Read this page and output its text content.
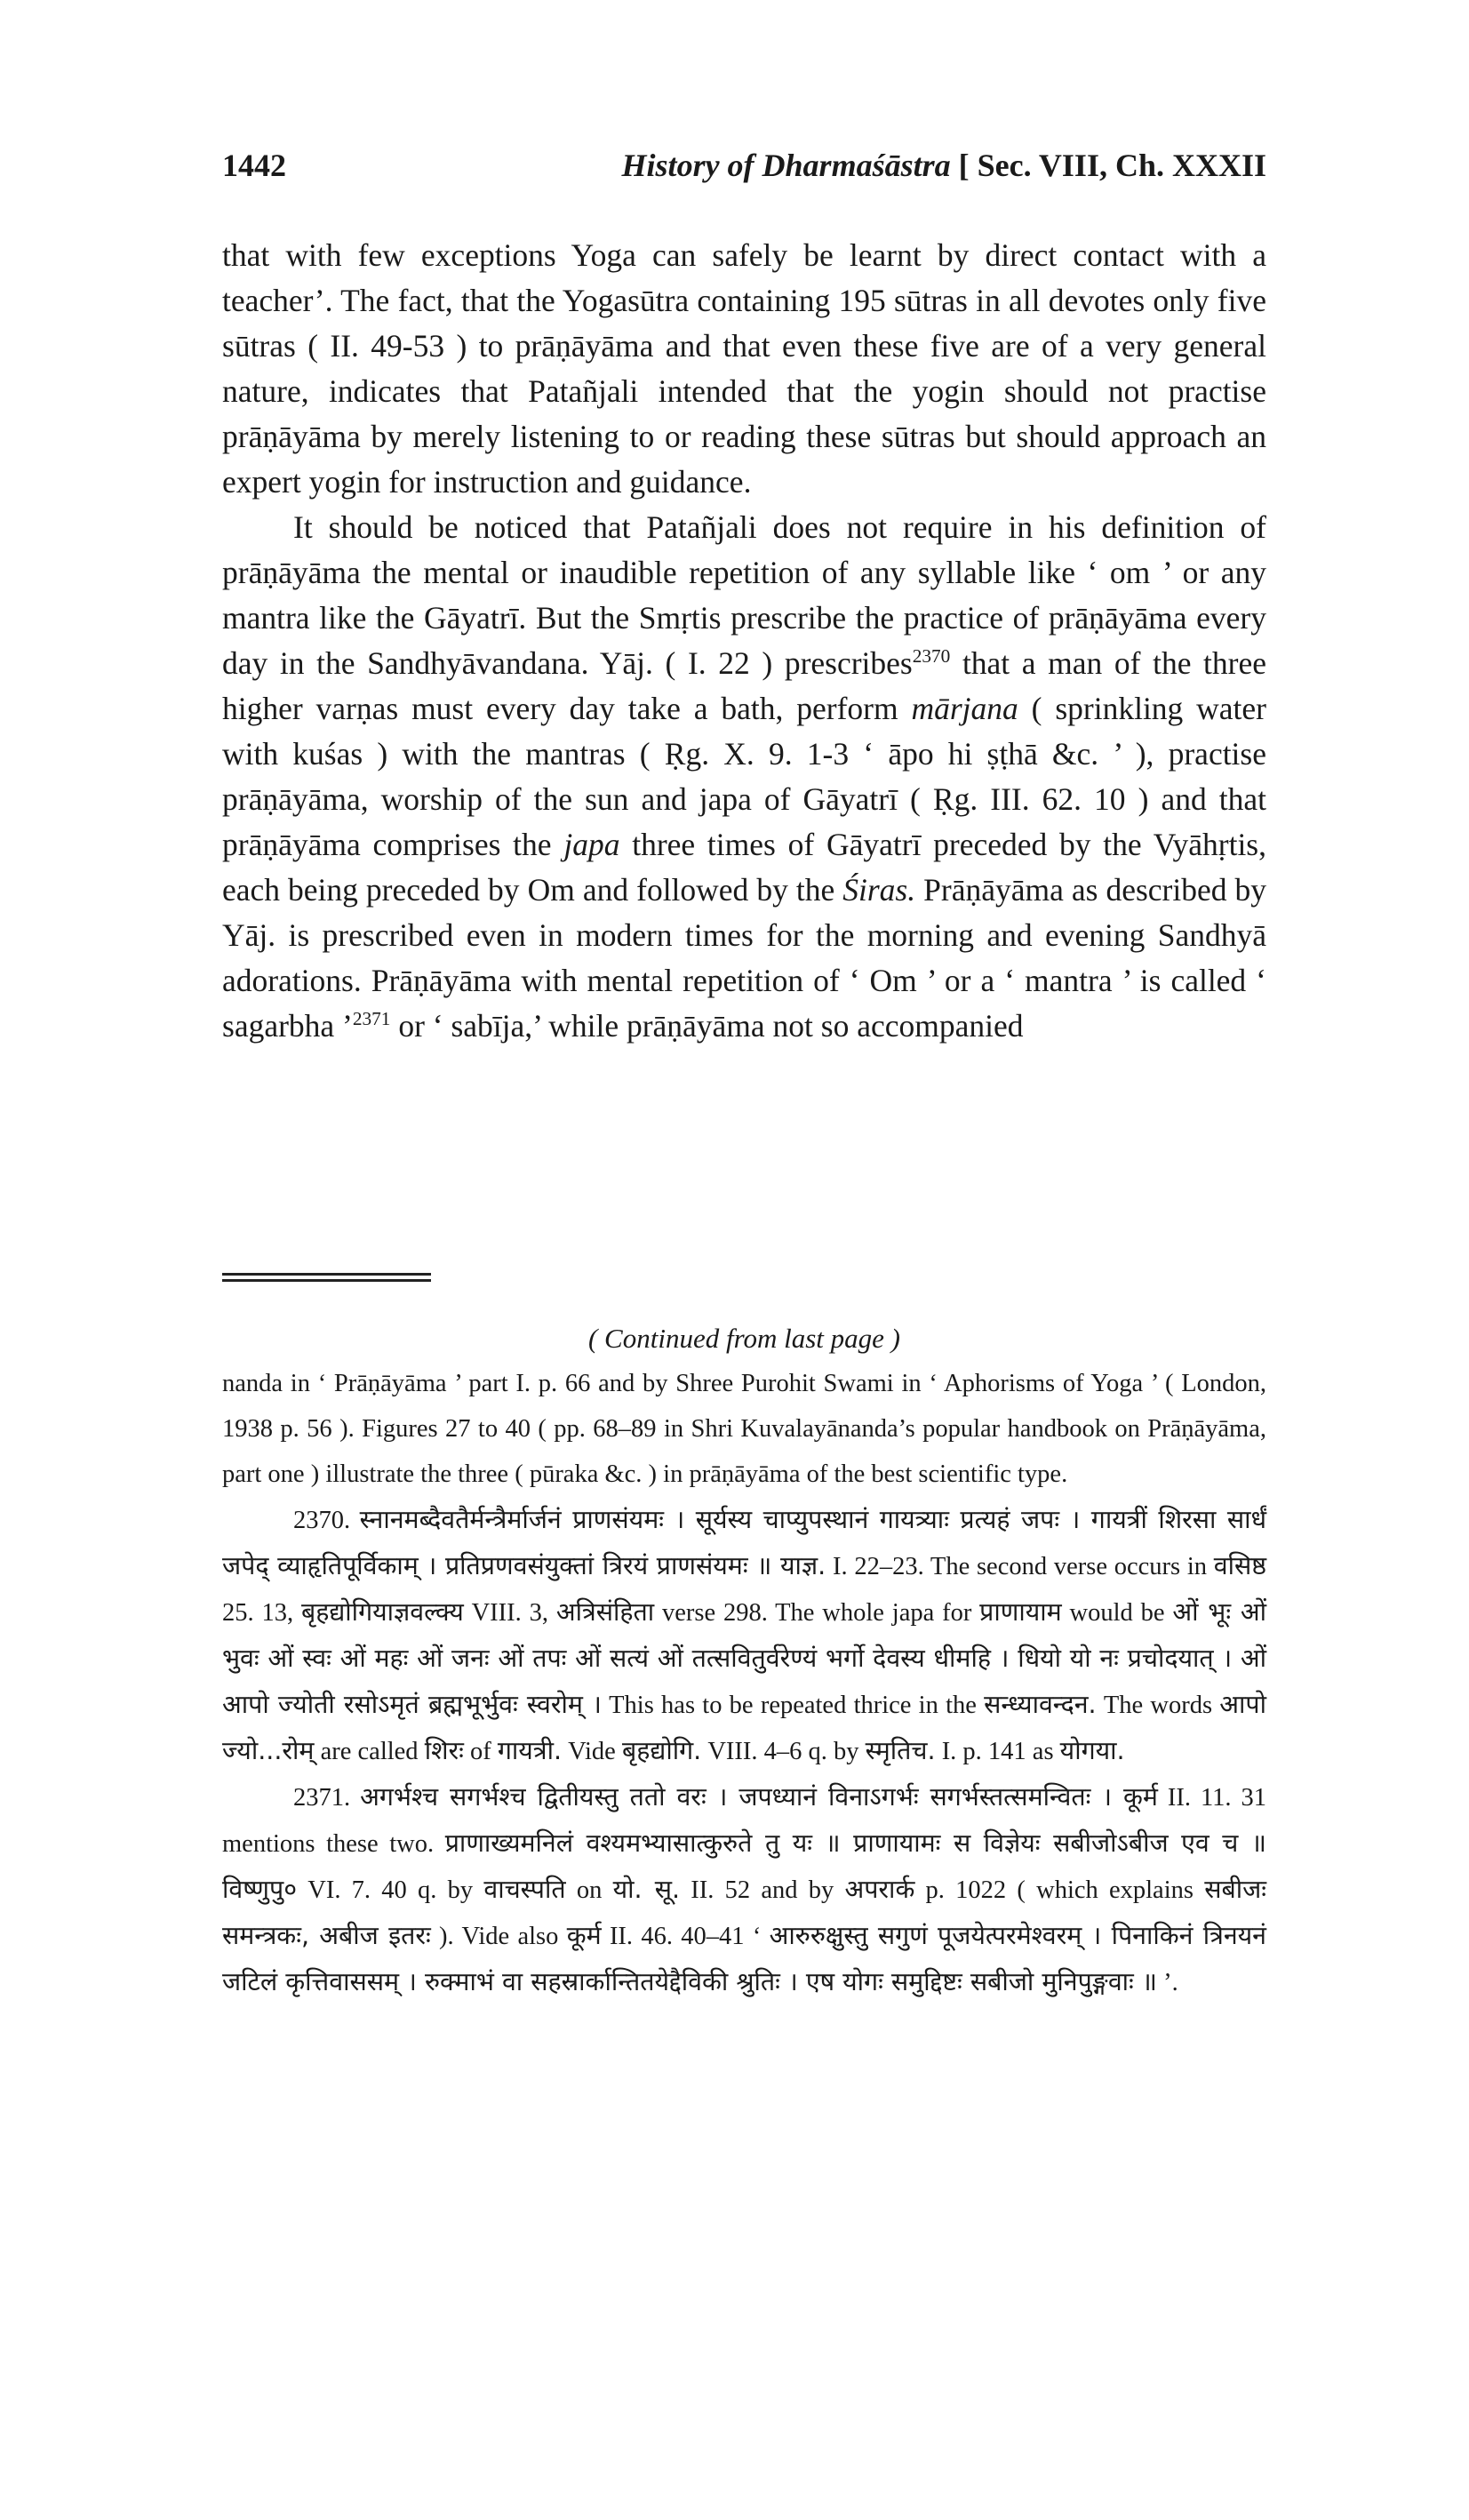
1442	History of Dharmaśāstra [ Sec. VIII, Ch. XXXII

that with few exceptions Yoga can safely be learnt by direct contact with a teacher’. The fact, that the Yogasūtra containing 195 sūtras in all devotes only five sūtras ( II. 49-53 ) to prāṇāyāma and that even these five are of a very general nature, indicates that Patañjali intended that the yogin should not practise prāṇāyāma by merely listening to or reading these sūtras but should approach an expert yogin for instruction and guidance.

It should be noticed that Patañjali does not require in his definition of prāṇāyāma the mental or inaudible repetition of any syllable like ‘ om ’ or any mantra like the Gāyatrī. But the Smṛtis prescribe the practice of prāṇāyāma every day in the Sandhyāvandana. Yāj. ( I. 22 ) prescribes$^{2370}$ that a man of the three higher varṇas must every day take a bath, perform mārjana ( sprinkling water with kuśas ) with the mantras ( Ṛg. X. 9. 1-3 ‘ āpo hi ṣṭhā &c. ’ ), practise prāṇāyāma, worship of the sun and japa of Gāyatrī ( Ṛg. III. 62. 10 ) and that prāṇāyāma comprises the japa three times of Gāyatrī preceded by the Vyāhṛtis, each being preceded by Om and followed by the Śiras. Prāṇāyāma as described by Yāj. is prescribed even in modern times for the morning and evening Sandhyā adorations. Prāṇāyāma with mental repetition of ‘ Om ’ or a ‘ mantra ’ is called ‘ sagarbha ’$^{2371}$ or ‘ sabīja,’ while prāṇāyāma not so accompanied

( Continued from last page )

nanda in ‘ Prāṇāyāma ’ part I. p. 66 and by Shree Purohit Swami in ‘ Aphorisms of Yoga ’ ( London, 1938 p. 56 ). Figures 27 to 40 ( pp. 68–89 in Shri Kuvalayānanda’s popular handbook on Prāṇāyāma, part one ) illustrate the three ( pūraka &c. ) in prāṇāyāma of the best scientific type.

2370. स्नानमब्दैवतैर्मन्त्रैर्मार्जनं प्राणसंयमः । सूर्यस्य चाप्युपस्थानं गायत्र्याः प्रत्यहं जपः । गायत्रीं शिरसा सार्धं जपेद् व्याहृतिपूर्विकाम् । प्रतिप्रणवसंयुक्तां त्रिरयं प्राणसंयमः ॥ याज्ञ. I. 22–23. The second verse occurs in वसिष्ठ 25. 13, बृहद्योगियाज्ञवल्क्य VIII. 3, अत्रिसंहिता verse 298. The whole japa for प्राणायाम would be ओं भूः ओं भुवः ओं स्वः ओं महः ओं जनः ओं तपः ओं सत्यं ओं तत्सवितुर्वरेण्यं भर्गो देवस्य धीमहि । धियो यो नः प्रचोदयात् । ओं आपो ज्योती रसोऽमृतं ब्रह्मभूर्भुवः स्वरोम् । This has to be repeated thrice in the सन्ध्यावन्दन. The words आपो ज्यो...रोम् are called शिरः of गायत्री. Vide बृहद्योगि. VIII. 4–6 q. by स्मृतिच. I. p. 141 as योगया.

2371. अगर्भश्च सगर्भश्च द्वितीयस्तु ततो वरः । जपध्यानं विनाऽगर्भः सगर्भस्तत्समन्वितः । कूर्म II. 11. 31 mentions these two. प्राणाख्यमनिलं वश्यमभ्यासात्कुरुते तु यः ॥ प्राणायामः स विज्ञेयः सबीजोऽबीज एव च ॥ विष्णुपु० VI. 7. 40 q. by वाचस्पति on यो. सू. II. 52 and by अपरार्क p. 1022 ( which explains सबीजः समन्त्रकः, अबीज इतरः ). Vide also कूर्म II. 46. 40–41 ‘ आरुरुक्षुस्तु सगुणं पूजयेत्परमेश्वरम् । पिनाकिनं त्रिनयनं जटिलं कृत्तिवाससम् । रुक्माभं वा सहस्रार्कान्तितयेद्दैविकी श्रुतिः । एष योगः समुद्दिष्टः सबीजो मुनिपुङ्गवाः ॥ ’.
